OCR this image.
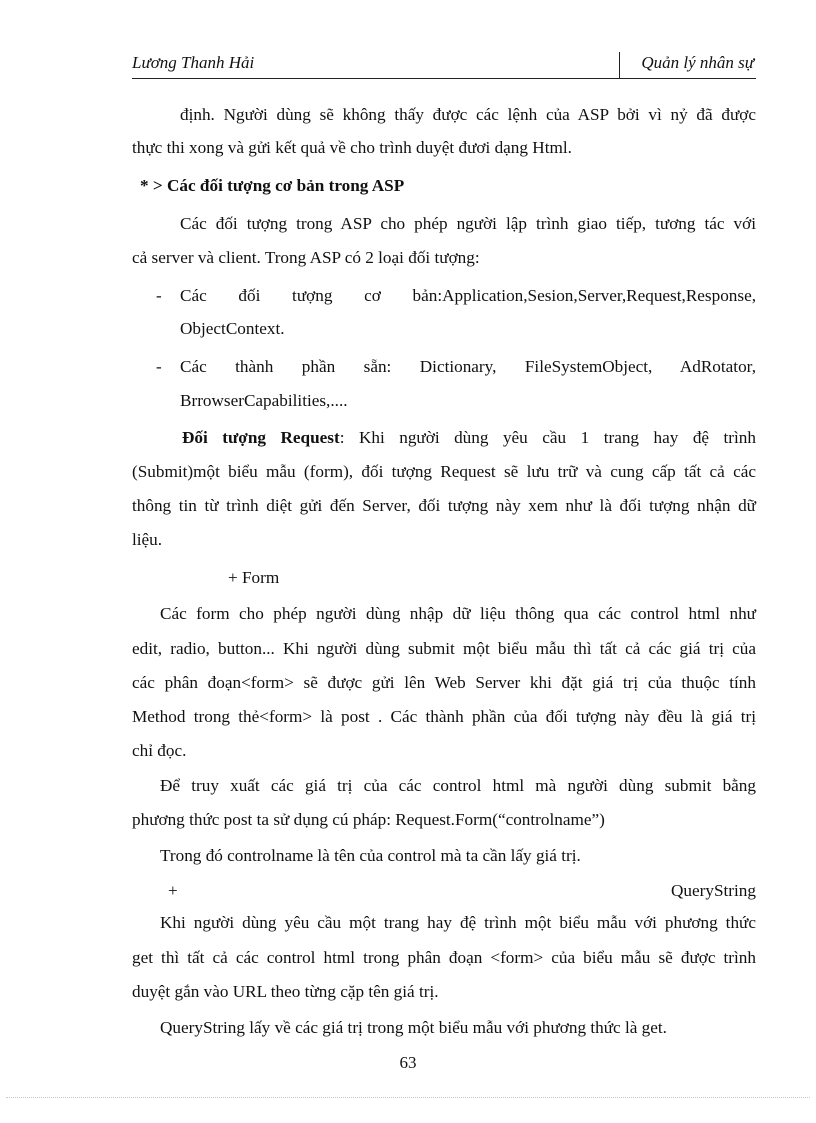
Lương Thanh Hải	Quản lý nhân sự
định. Người dùng sẽ không thấy được các lệnh của ASP bởi vì nỷ đã được
thực thi xong và gửi kết quả về cho trình duyệt đươi dạng Html.
* > Các đối tượng cơ bản trong ASP
Các đối tượng trong ASP cho phép người lập trình giao tiếp, tương tác với
cả server và client. Trong ASP có 2 loại đối tượng:
- Các đối tượng cơ bản:Application,Sesion,Server,Request,Response,
ObjectContext.
- Các thành phần sẵn: Dictionary, FileSystemObject, AdRotator,
BrrowserCapabilities,....
Đối tượng Request: Khi người dùng yêu cầu 1 trang hay đệ trình
(Submit)một biểu mẫu (form), đối tượng Request sẽ lưu trữ và cung cấp tất cả các
thông tin từ trình diệt gửi đến Server, đối tượng này xem như là đối tượng nhận dữ
liệu.
+ Form
Các form cho phép người dùng nhập dữ liệu thông qua các control html như
edit, radio, button... Khi người dùng submit một biểu mẫu thì tất cả các giá trị của
các phân đoạn<form> sẽ được gửi lên Web Server khi đặt giá trị của thuộc tính
Method trong thẻ<form> là post . Các thành phần của đối tượng này đều là giá trị
chỉ đọc.
Để truy xuất các giá trị của các control html mà người dùng submit bằng
phương thức post ta sử dụng cú pháp: Request.Form(“controlname”)
Trong đó controlname là tên của control mà ta cần lấy giá trị.
+	QueryString
Khi người dùng yêu cầu một trang hay đệ trình một biểu mẫu với phương thức
get thì tất cả các control html trong phân đoạn <form> của biểu mẫu sẽ được trình
duyệt gắn vào URL theo từng cặp tên giá trị.
QueryString lấy về các giá trị trong một biểu mẫu với phương thức là get.
63
